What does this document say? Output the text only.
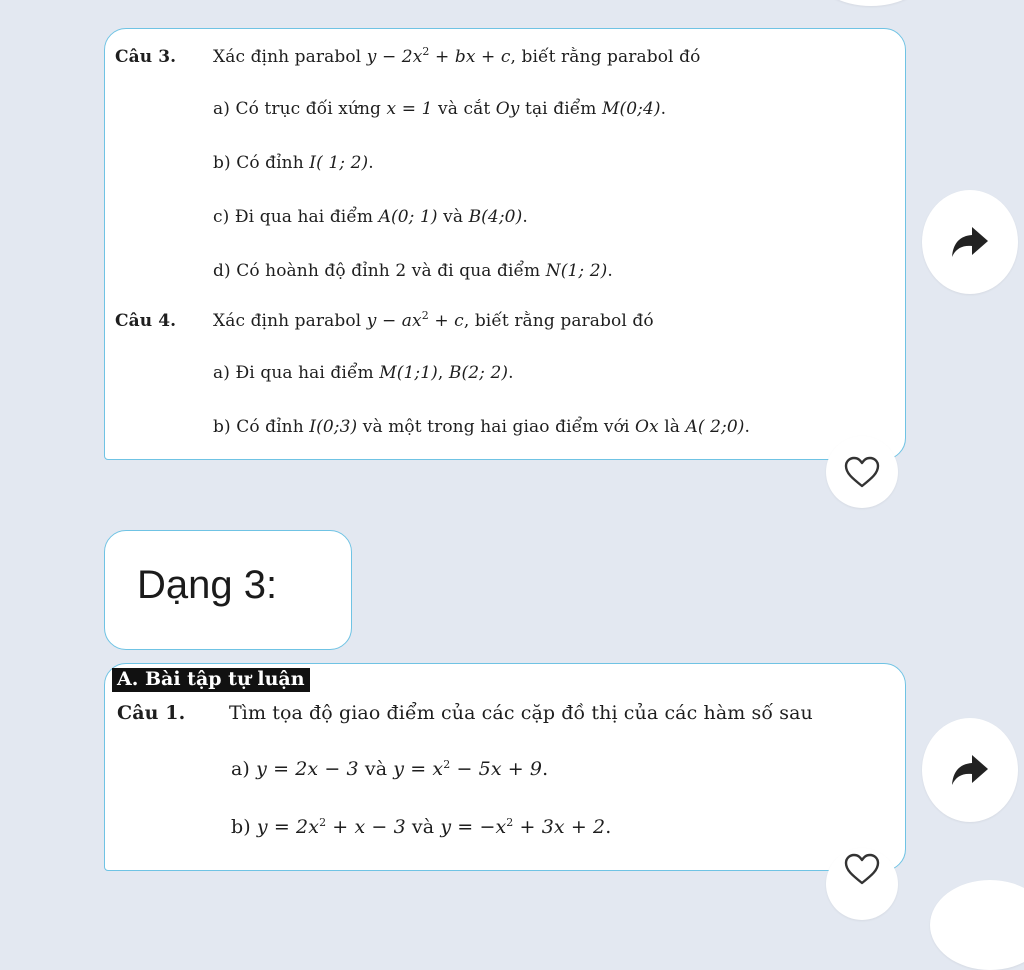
Câu 3. Xác định parabol $y - 2x^2$ + bx + c, biết rằng parabol đó
a) Có trục đối xứng x = 1 và cắt Oy tại điểm M(0;4).
b) Có đỉnh I( 1; 2).
c) Đi qua hai điểm A(0; 1) và B(4;0).
d) Có hoành độ đỉnh 2 và đi qua điểm N(1; 2).
Câu 4. Xác định parabol $y - ax^2 + c$, biết rằng parabol đó
a) Đi qua hai điểm M(1;1), B(2; 2).
b) Có đỉnh I(0;3) và một trong hai giao điểm với Ox là A( 2;0).
Dạng 3:
A. Bài tập tự luận
Câu 1. Tìm tọa độ giao điểm của các cặp đồ thị của các hàm số sau
a) y = 2x − 3 và $y = x^2 - 5x + 9$.
b) $y = 2x^2 + x - 3$ và $y = -x^2 + 3x + 2$.
